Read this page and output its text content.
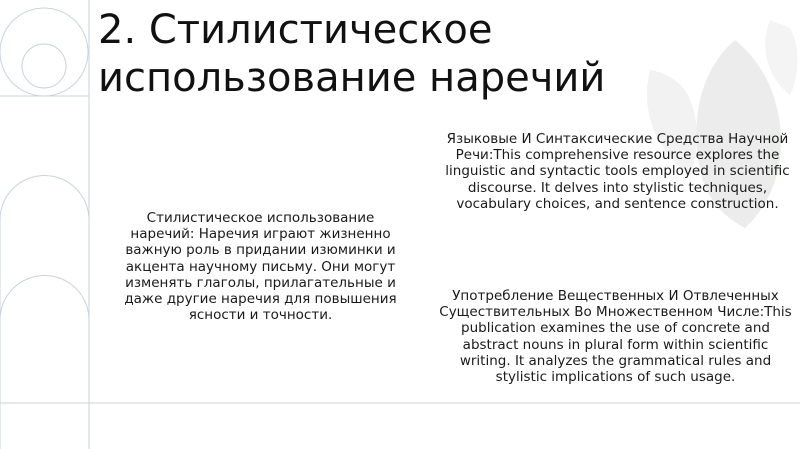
2. Стилистическое использование наречий

Стилистическое использование наречий: Наречия играют жизненно важную роль в придании изюминки и акцента научному письму. Они могут изменять глаголы, прилагательные и даже другие наречия для повышения ясности и точности.

Языковые И Синтаксические Средства Научной Речи:This comprehensive resource explores the linguistic and syntactic tools employed in scientific discourse. It delves into stylistic techniques, vocabulary choices, and sentence construction.

Употребление Вещественных И Отвлеченных Существительных Во Множественном Числе:This publication examines the use of concrete and abstract nouns in plural form within scientific writing. It analyzes the grammatical rules and stylistic implications of such usage.
